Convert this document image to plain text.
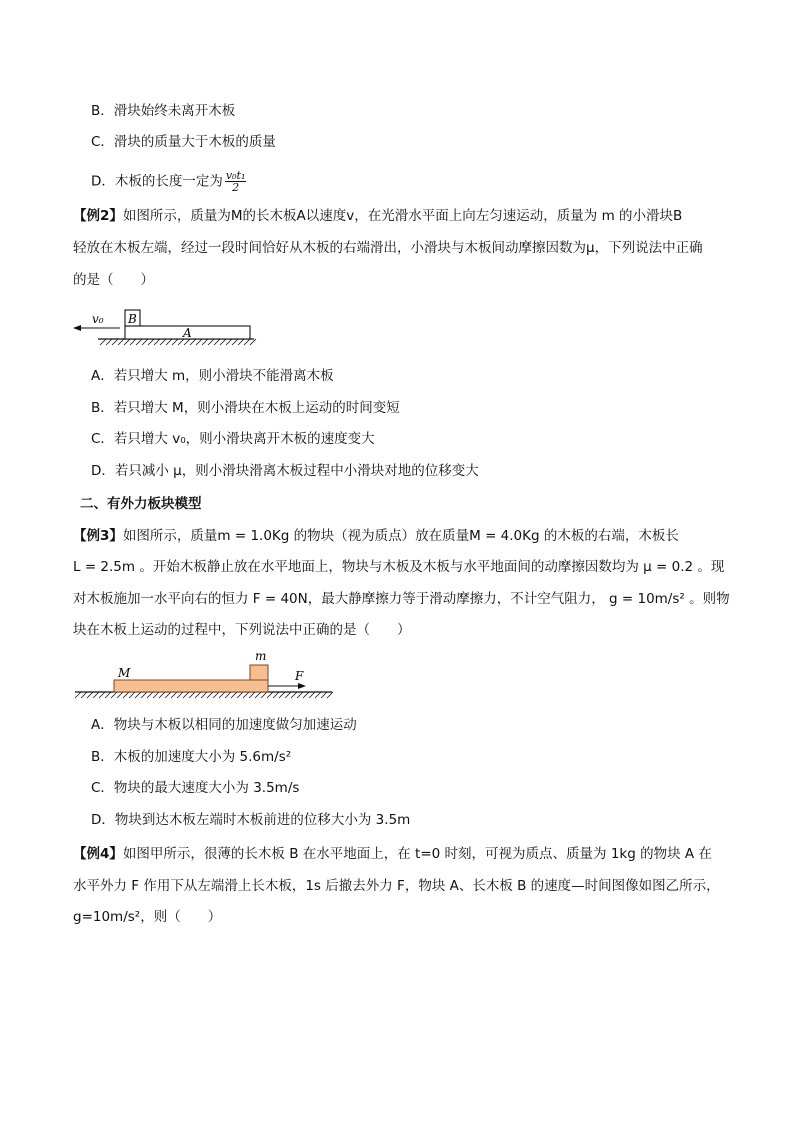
B．滑块始终未离开木板
C．滑块的质量大于木板的质量
D．木板的长度一定为 $\frac{\text{v₀t₁}}{2}$
【例2】如图所示，质量为M的长木板A以速度v，在光滑水平面上向左匀速运动，质量为 m 的小滑块B
轻放在木板左端，经过一段时间恰好从木板的右端滑出，小滑块与木板间动摩擦因数为μ，下列说法中正确
的是（　　）
A
B
v₀
A．若只增大 m，则小滑块不能滑离木板
B．若只增大 M，则小滑块在木板上运动的时间变短
C．若只增大 v₀，则小滑块离开木板的速度变大
D．若只减小 μ，则小滑块滑离木板过程中小滑块对地的位移变大
二、有外力板块模型
【例3】如图所示，质量m = 1.0Kg 的物块（视为质点）放在质量M = 4.0Kg 的木板的右端，木板长
L = 2.5m 。开始木板静止放在水平地面上，物块与木板及木板与水平地面间的动摩擦因数均为 μ = 0.2 。现
对木板施加一水平向右的恒力 F = 40N，最大静摩擦力等于滑动摩擦力，不计空气阻力， g = 10m/s² 。则物
块在木板上运动的过程中，下列说法中正确的是（　　）
M
m
F
A．物块与木板以相同的加速度做匀加速运动
B．木板的加速度大小为 5.6m/s²
C．物块的最大速度大小为 3.5m/s
D．物块到达木板左端时木板前进的位移大小为 3.5m
【例4】如图甲所示，很薄的长木板 B 在水平地面上，在 t=0 时刻，可视为质点、质量为 1kg 的物块 A 在
水平外力 F 作用下从左端滑上长木板，1s 后撤去外力 F，物块 A、长木板 B 的速度—时间图像如图乙所示，
g=10m/s²，则（　　）
